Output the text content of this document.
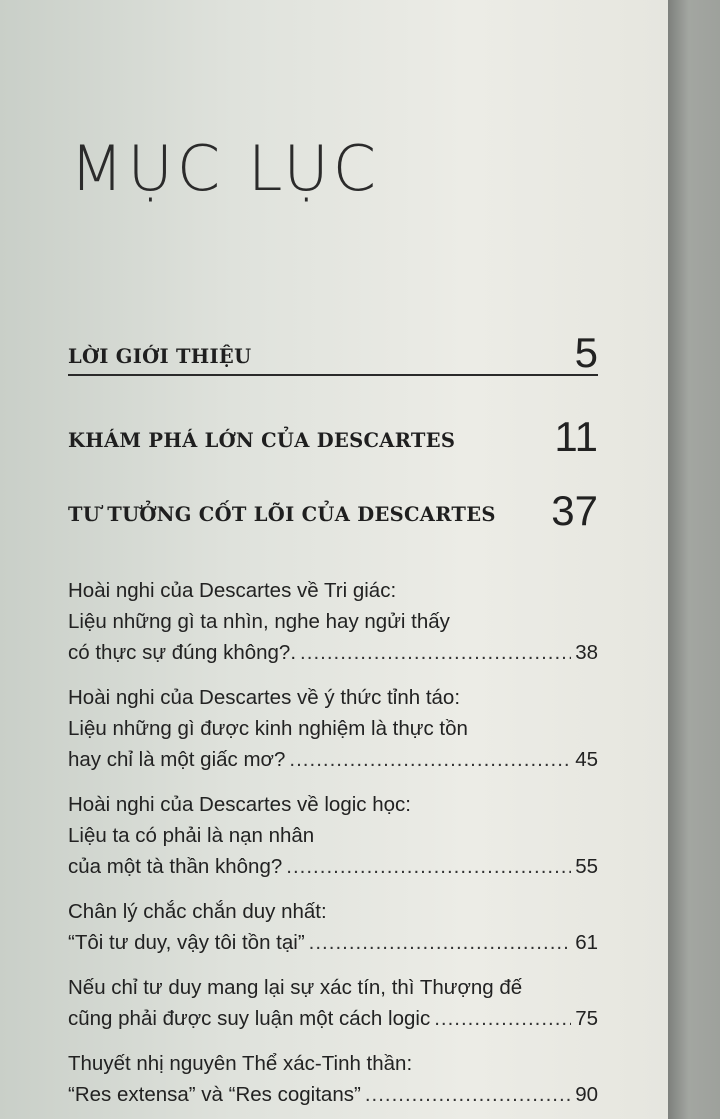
MỤC LỤC
LỜI GIỚI THIỆU	5
KHÁM PHÁ LỚN CỦA DESCARTES 11
TƯ TƯỞNG CỐT LÕI CỦA DESCARTES 37
Hoài nghi của Descartes về Tri giác:
Liệu những gì ta nhìn, nghe hay ngửi thấy
có thực sự đúng không?. .....	38
Hoài nghi của Descartes về ý thức tỉnh táo:
Liệu những gì được kinh nghiệm là thực tồn
hay chỉ là một giấc mơ? .....	45
Hoài nghi của Descartes về logic học:
Liệu ta có phải là nạn nhân
của một tà thần không? .....	55
Chân lý chắc chắn duy nhất:
“Tôi tư duy, vậy tôi tồn tại” .....	61
Nếu chỉ tư duy mang lại sự xác tín, thì Thượng đế
cũng phải được suy luận một cách logic .....	75
Thuyết nhị nguyên Thể xác-Tinh thần:
“Res extensa” và “Res cogitans” .....	90
